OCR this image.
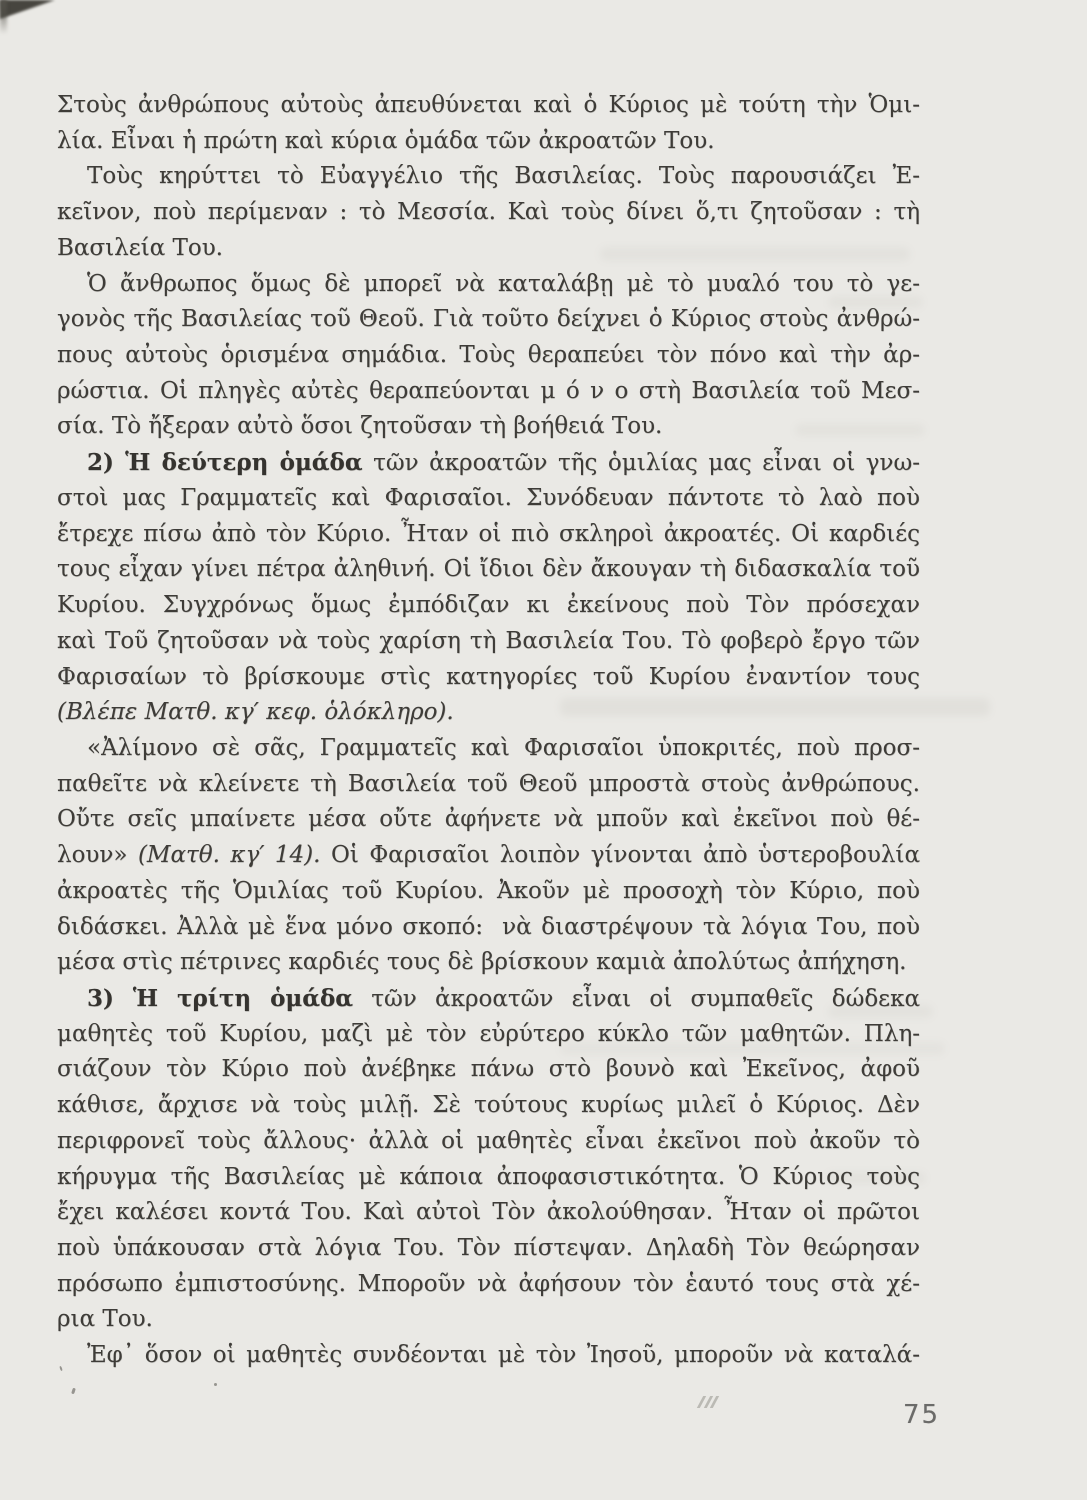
Στοὺς ἀνθρώπους αὐτοὺς ἀπευθύνεται καὶ ὁ Κύριος μὲ τούτη τὴν Ὁμι-
λία. Εἶναι ἡ πρώτη καὶ κύρια ὁμάδα τῶν ἀκροατῶν Του.
Τοὺς κηρύττει τὸ Εὐαγγέλιο τῆς Βασιλείας. Τοὺς παρουσιάζει Ἐ-
κεῖνον, ποὺ περίμεναν : τὸ Μεσσία. Καὶ τοὺς δίνει ὅ,τι ζητοῦσαν : τὴ
Βασιλεία Του.
Ὁ ἄνθρωπος ὅμως δὲ μπορεῖ νὰ καταλάβῃ μὲ τὸ μυαλό του τὸ γε-
γονὸς τῆς Βασιλείας τοῦ Θεοῦ. Γιὰ τοῦτο δείχνει ὁ Κύριος στοὺς ἀνθρώ-
πους αὐτοὺς ὁρισμένα σημάδια. Τοὺς θεραπεύει τὸν πόνο καὶ τὴν ἀρ-
ρώστια. Οἱ πληγὲς αὐτὲς θεραπεύονται μ ό ν ο στὴ Βασιλεία τοῦ Μεσ-
σία. Τὸ ἤξεραν αὐτὸ ὅσοι ζητοῦσαν τὴ βοήθειά Του.
2) Ἡ δεύτερη ὁμάδα τῶν ἀκροατῶν τῆς ὁμιλίας μας εἶναι οἱ γνω-
στοὶ μας Γραμματεῖς καὶ Φαρισαῖοι. Συνόδευαν πάντοτε τὸ λαὸ ποὺ
ἔτρεχε πίσω ἀπὸ τὸν Κύριο. Ἦταν οἱ πιὸ σκληροὶ ἀκροατές. Οἱ καρδιές
τους εἶχαν γίνει πέτρα ἀληθινή. Οἱ ἴδιοι δὲν ἄκουγαν τὴ διδασκαλία τοῦ
Κυρίου. Συγχρόνως ὅμως ἐμπόδιζαν κι ἐκείνους ποὺ Τὸν πρόσεχαν
καὶ Τοῦ ζητοῦσαν νὰ τοὺς χαρίση τὴ Βασιλεία Του. Τὸ φοβερὸ ἔργο τῶν
Φαρισαίων τὸ βρίσκουμε στὶς κατηγορίες τοῦ Κυρίου ἐναντίον τους
(Βλέπε Ματθ. κγ′ κεφ. ὁλόκληρο).
«Ἀλίμονο σὲ σᾶς, Γραμματεῖς καὶ Φαρισαῖοι ὑποκριτές, ποὺ προσ-
παθεῖτε νὰ κλείνετε τὴ Βασιλεία τοῦ Θεοῦ μπροστὰ στοὺς ἀνθρώπους.
Οὔτε σεῖς μπαίνετε μέσα οὔτε ἀφήνετε νὰ μποῦν καὶ ἐκεῖνοι ποὺ θέ-
λουν» (Ματθ. κγ′ 14). Οἱ Φαρισαῖοι λοιπὸν γίνονται ἀπὸ ὑστεροβουλία
ἀκροατὲς τῆς Ὁμιλίας τοῦ Κυρίου. Ἀκοῦν μὲ προσοχὴ τὸν Κύριο, ποὺ
διδάσκει. Ἀλλὰ μὲ ἕνα μόνο σκοπό:  νὰ διαστρέψουν τὰ λόγια Του, ποὺ
μέσα στὶς πέτρινες καρδιές τους δὲ βρίσκουν καμιὰ ἀπολύτως ἀπήχηση.
3) Ἡ τρίτη ὁμάδα τῶν ἀκροατῶν εἶναι οἱ συμπαθεῖς δώδεκα
μαθητὲς τοῦ Κυρίου, μαζὶ μὲ τὸν εὐρύτερο κύκλο τῶν μαθητῶν. Πλη-
σιάζουν τὸν Κύριο ποὺ ἀνέβηκε πάνω στὸ βουνὸ καὶ Ἐκεῖνος, ἀφοῦ
κάθισε, ἄρχισε νὰ τοὺς μιλῇ. Σὲ τούτους κυρίως μιλεῖ ὁ Κύριος. Δὲν
περιφρονεῖ τοὺς ἄλλους· ἀλλὰ οἱ μαθητὲς εἶναι ἐκεῖνοι ποὺ ἀκοῦν τὸ
κήρυγμα τῆς Βασιλείας μὲ κάποια ἀποφασιστικότητα. Ὁ Κύριος τοὺς
ἔχει καλέσει κοντά Του. Καὶ αὐτοὶ Τὸν ἀκολούθησαν. Ἦταν οἱ πρῶτοι
ποὺ ὑπάκουσαν στὰ λόγια Του. Τὸν πίστεψαν. Δηλαδὴ Τὸν θεώρησαν
πρόσωπο ἐμπιστοσύνης. Μποροῦν νὰ ἀφήσουν τὸν ἑαυτό τους στὰ χέ-
ρια Του.
Ἐφ᾽ ὅσον οἱ μαθητὲς συνδέονται μὲ τὸν Ἰησοῦ, μποροῦν νὰ καταλά-
75
